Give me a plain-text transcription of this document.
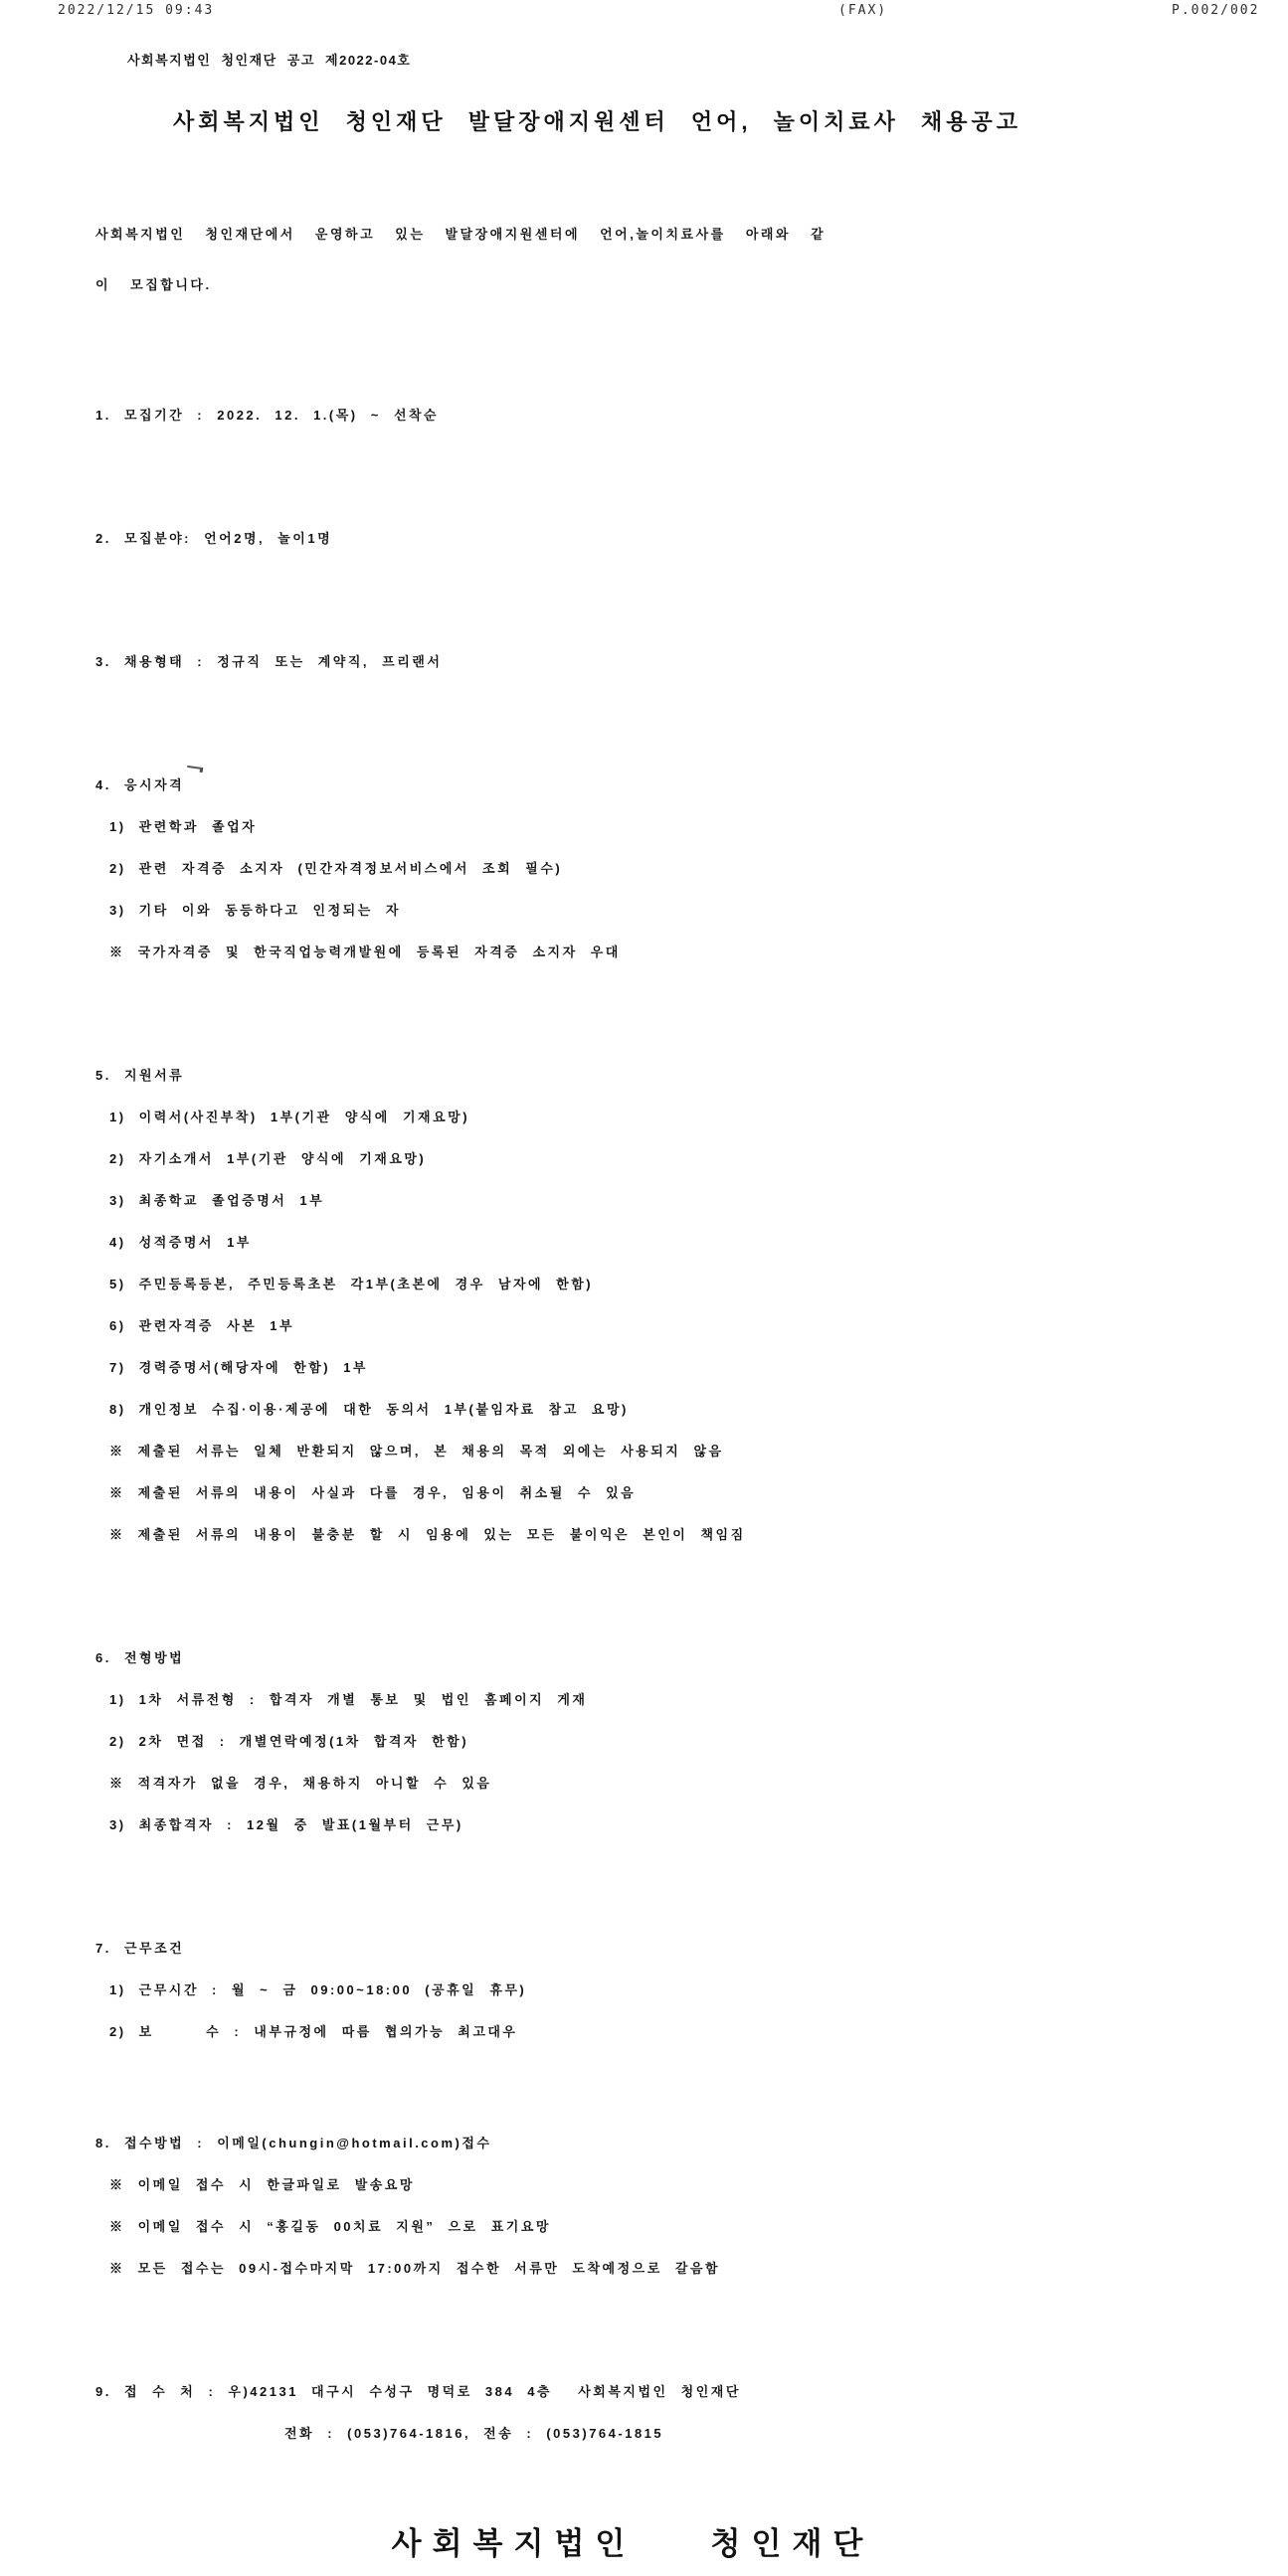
2022/12/15 09:43	(FAX)	P.002/002

사회복지법인 청인재단 공고 제2022-04호

사회복지법인 청인재단 발달장애지원센터 언어, 놀이치료사 채용공고

사회복지법인 청인재단에서 운영하고 있는 발달장애지원센터에 언어,놀이치료사를 아래와 같

이 모집합니다.

1. 모집기간 : 2022. 12. 1.(목) ~ 선착순

2. 모집분야: 언어2명, 놀이1명

3. 채용형태 : 정규직 또는 계약직, 프리랜서

4. 응시자격

1) 관련학과 졸업자

2) 관련 자격증 소지자 (민간자격정보서비스에서 조회 필수)

3) 기타 이와 동등하다고 인정되는 자

※ 국가자격증 및 한국직업능력개발원에 등록된 자격증 소지자 우대

5. 지원서류

1) 이력서(사진부착) 1부(기관 양식에 기재요망)

2) 자기소개서 1부(기관 양식에 기재요망)

3) 최종학교 졸업증명서 1부

4) 성적증명서 1부

5) 주민등록등본, 주민등록초본 각1부(초본에 경우 남자에 한함)

6) 관련자격증 사본 1부

7) 경력증명서(해당자에 한함) 1부

8) 개인정보 수집·이용·제공에 대한 동의서 1부(붙임자료 참고 요망)

※ 제출된 서류는 일체 반환되지 않으며, 본 채용의 목적 외에는 사용되지 않음

※ 제출된 서류의 내용이 사실과 다를 경우, 임용이 취소될 수 있음

※ 제출된 서류의 내용이 불충분 할 시 임용에 있는 모든 불이익은 본인이 책임짐

6. 전형방법

1) 1차 서류전형 : 합격자 개별 통보 및 법인 홈페이지 게재

2) 2차 면접 : 개별연락예정(1차 합격자 한함)

※ 적격자가 없을 경우, 채용하지 아니할 수 있음

3) 최종합격자 : 12월 중 발표(1월부터 근무)

7. 근무조건

1) 근무시간 : 월 ~ 금 09:00~18:00 (공휴일 휴무)

2) 보    수 : 내부규정에 따름 협의가능 최고대우

8. 접수방법 : 이메일(chungin@hotmail.com)접수

※ 이메일 접수 시 한글파일로 발송요망

※ 이메일 접수 시 “홍길동 00치료 지원” 으로 표기요망

※ 모든 접수는 09시-접수마지막 17:00까지 접수한 서류만 도착예정으로 갈음함

9. 접 수 처 : 우)42131 대구시 수성구 명덕로 384 4층  사회복지법인 청인재단

전화 : (053)764-1816, 전송 : (053)764-1815

사회복지법인  청인재단
